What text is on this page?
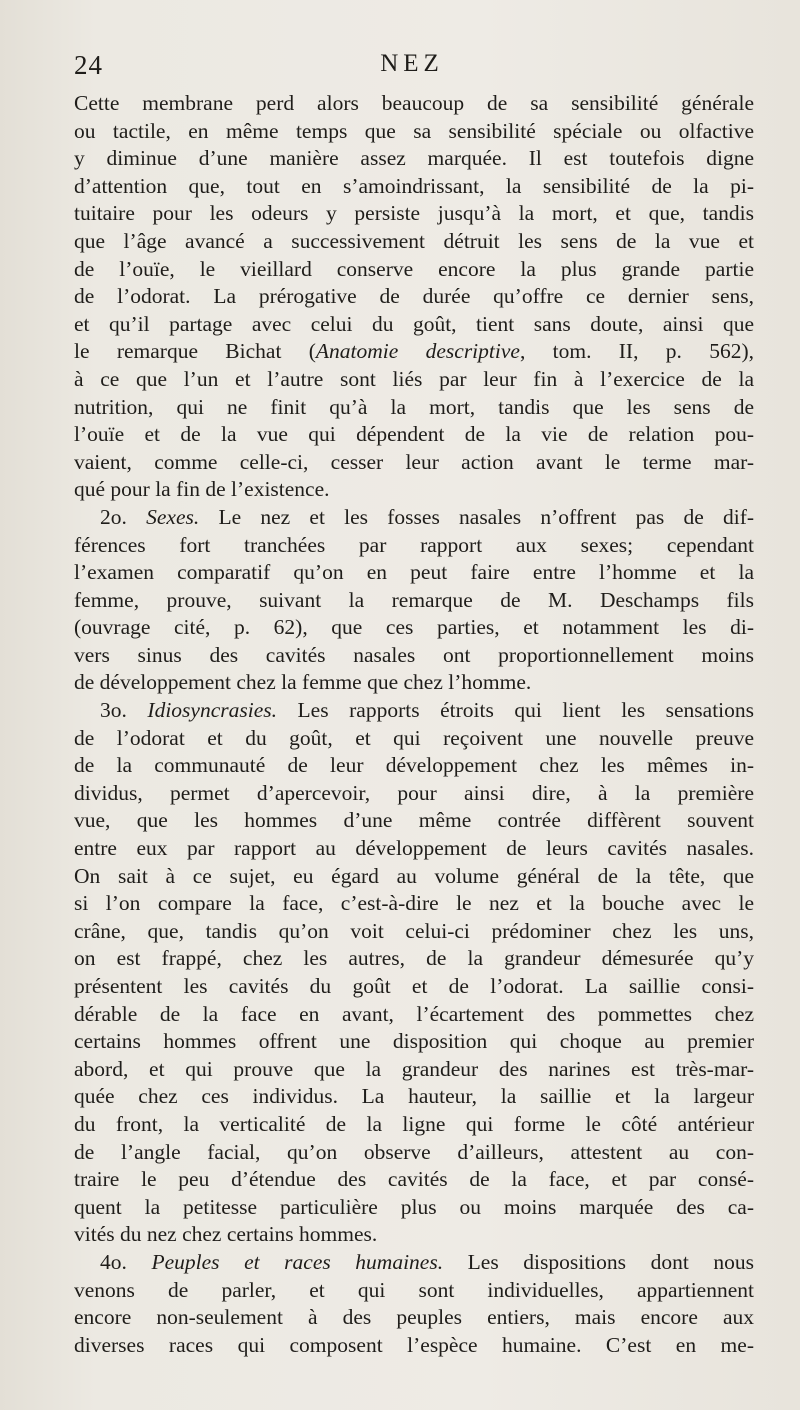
24	NEZ
Cette membrane perd alors beaucoup de sa sensibilité générale
ou tactile, en même temps que sa sensibilité spéciale ou olfactive
y diminue d’une manière assez marquée. Il est toutefois digne
d’attention que, tout en s’amoindrissant, la sensibilité de la pi-
tuitaire pour les odeurs y persiste jusqu’à la mort, et que, tandis
que l’âge avancé a successivement détruit les sens de la vue et
de l’ouïe, le vieillard conserve encore la plus grande partie
de l’odorat. La prérogative de durée qu’offre ce dernier sens,
et qu’il partage avec celui du goût, tient sans doute, ainsi que
le remarque Bichat (Anatomie descriptive, tom. II, p. 562),
à ce que l’un et l’autre sont liés par leur fin à l’exercice de la
nutrition, qui ne finit qu’à la mort, tandis que les sens de
l’ouïe et de la vue qui dépendent de la vie de relation pou-
vaient, comme celle-ci, cesser leur action avant le terme mar-
qué pour la fin de l’existence.
2o. Sexes. Le nez et les fosses nasales n’offrent pas de dif-
férences fort tranchées par rapport aux sexes; cependant
l’examen comparatif qu’on en peut faire entre l’homme et la
femme, prouve, suivant la remarque de M. Deschamps fils
(ouvrage cité, p. 62), que ces parties, et notamment les di-
vers sinus des cavités nasales ont proportionnellement moins
de développement chez la femme que chez l’homme.
3o. Idiosyncrasies. Les rapports étroits qui lient les sensations
de l’odorat et du goût, et qui reçoivent une nouvelle preuve
de la communauté de leur développement chez les mêmes in-
dividus, permet d’apercevoir, pour ainsi dire, à la première
vue, que les hommes d’une même contrée diffèrent souvent
entre eux par rapport au développement de leurs cavités nasales.
On sait à ce sujet, eu égard au volume général de la tête, que
si l’on compare la face, c’est-à-dire le nez et la bouche avec le
crâne, que, tandis qu’on voit celui-ci prédominer chez les uns,
on est frappé, chez les autres, de la grandeur démesurée qu’y
présentent les cavités du goût et de l’odorat. La saillie consi-
dérable de la face en avant, l’écartement des pommettes chez
certains hommes offrent une disposition qui choque au premier
abord, et qui prouve que la grandeur des narines est très-mar-
quée chez ces individus. La hauteur, la saillie et la largeur
du front, la verticalité de la ligne qui forme le côté antérieur
de l’angle facial, qu’on observe d’ailleurs, attestent au con-
traire le peu d’étendue des cavités de la face, et par consé-
quent la petitesse particulière plus ou moins marquée des ca-
vités du nez chez certains hommes.
4o. Peuples et races humaines. Les dispositions dont nous
venons de parler, et qui sont individuelles, appartiennent
encore non-seulement à des peuples entiers, mais encore aux
diverses races qui composent l’espèce humaine. C’est en me-
